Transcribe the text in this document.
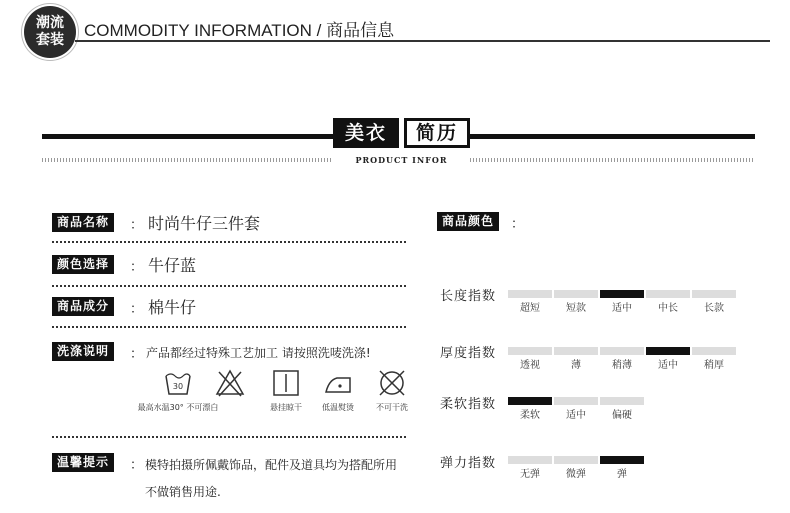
潮流
套装	COMMODITY INFORMATION / 商品信息
美衣	简历
PRODUCT INFOR
商品名称	： 时尚牛仔三件套
颜色选择	： 牛仔蓝
商品成分	： 棉牛仔
洗涤说明	： 产品都经过特殊工艺加工 请按照洗唛洗涤!
30
最高水温30° 不可漂白	悬挂晾干	低温熨烫	不可干洗
温馨提示	： 模特拍摄所佩戴饰品，配件及道具均为搭配所用
不做销售用途.
商品颜色	：
长度指数
超短	短款	适中	中长	长款
厚度指数
透视	薄	稍薄	适中	稍厚
柔软指数
柔软	适中	偏硬
弹力指数
无弹	微弹	弹
